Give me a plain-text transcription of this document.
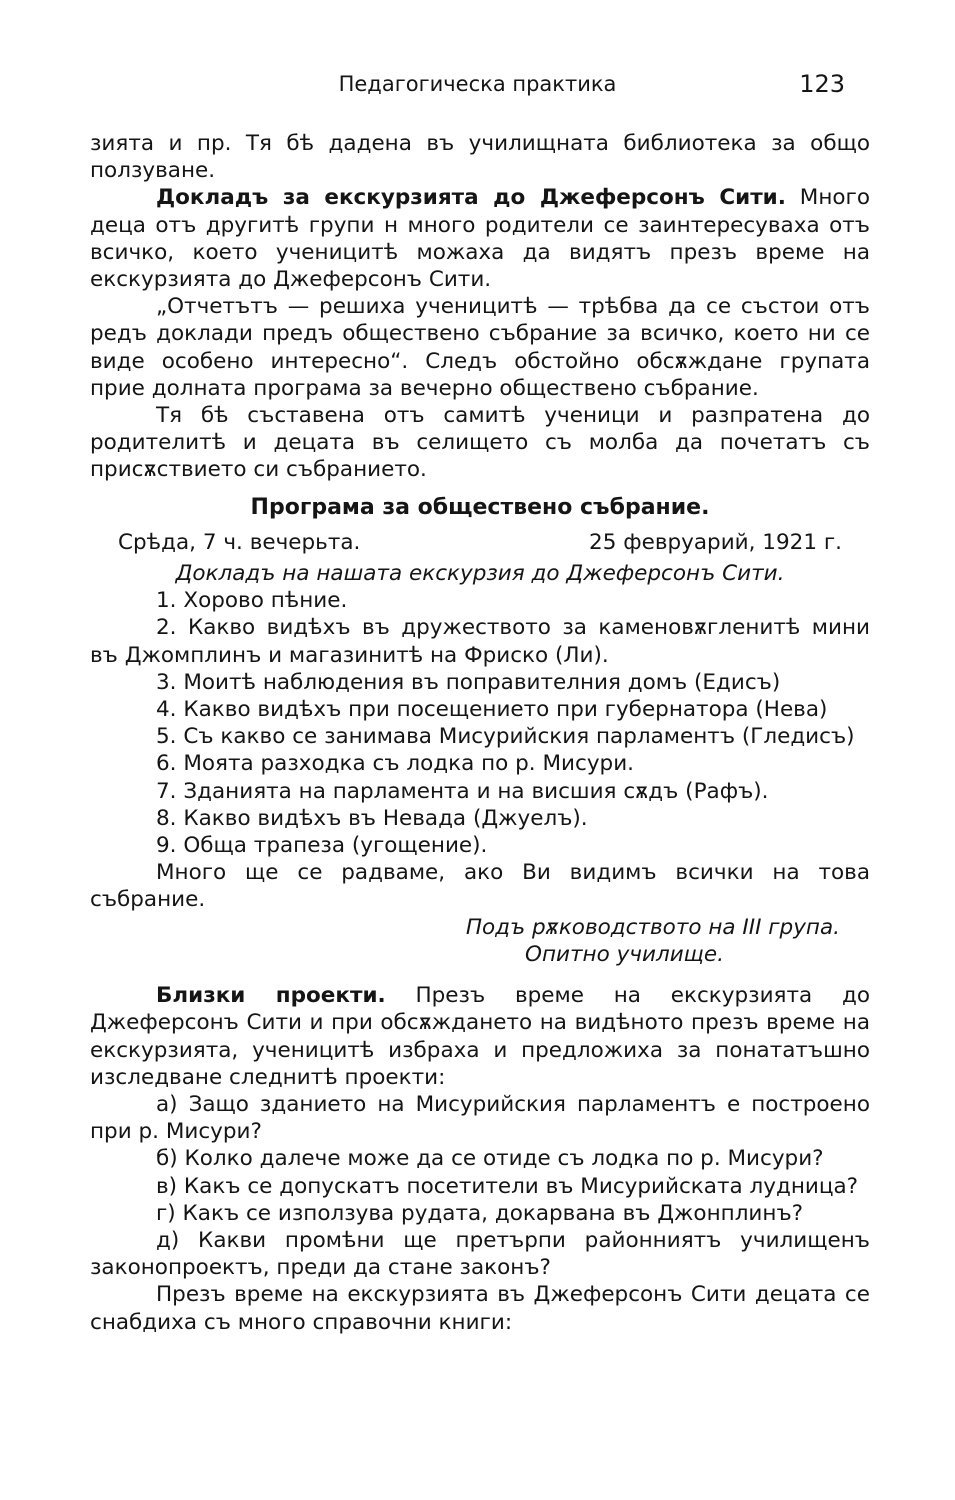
Педагогическа практика	123

зията и пр. Тя бѣ дадена въ училищната библиотека за общо ползуване.

Докладъ за екскурзията до Джеферсонъ Сити. Много деца отъ другитѣ групи н много родители се заинтересуваха отъ всичко, което ученицитѣ можаха да видятъ презъ време на екскурзията до Джеферсонъ Сити.

„Отчетътъ — решиха ученицитѣ — трѣбва да се състои отъ редъ доклади предъ обществено събрание за всичко, което ни се виде особено интересно“. Следъ обстойно обсѫждане групата прие долната програма за вечерно обществено събрание.

Тя бѣ съставена отъ самитѣ ученици и разпратена до родителитѣ и децата въ селището съ молба да почетатъ съ присѫствието си събранието.

Програма за обществено събрание.
Срѣда, 7 ч. вечерьта.	25 февруарий, 1921 г.

Докладъ на нашата екскурзия до Джеферсонъ Сити.

1. Хорово пѣние.

2. Какво видѣхъ въ дружеството за каменовѫгленитѣ мини въ Джомплинъ и магазинитѣ на Фриско (Ли).

3. Моитѣ наблюдения въ поправителния домъ (Едисъ)

4. Какво видѣхъ при посещението при губернатора (Нева)

5. Съ какво се занимава Мисурийския парламентъ (Гледисъ)

6. Моята разходка съ лодка по р. Мисури.

7. Зданията на парламента и на висшия сѫдъ (Рафъ).

8. Какво видѣхъ въ Невада (Джуелъ).

9. Обща трапеза (угощение).

Много ще се радваме, ако Ви видимъ всички на това събрание.

Подъ рѫководството на III група.

Опитно училище.

Близки проекти. Презъ време на екскурзията до Джеферсонъ Сити и при обсѫждането на видѣното презъ време на екскурзията, ученицитѣ избраха и предложиха за понататъшно изследване следнитѣ проекти:

а) Защо зданието на Мисурийския парламентъ е построено при р. Мисури?

б) Колко далече може да се отиде съ лодка по р. Мисури?

в) Какъ се допускатъ посетители въ Мисурийската лудница?

г) Какъ се използува рудата, докарвана въ Джонплинъ?

д) Какви промѣни ще претърпи районниятъ училищенъ законопроектъ, преди да стане законъ?

Презъ време на екскурзията въ Джеферсонъ Сити децата се снабдиха съ много справочни книги:
